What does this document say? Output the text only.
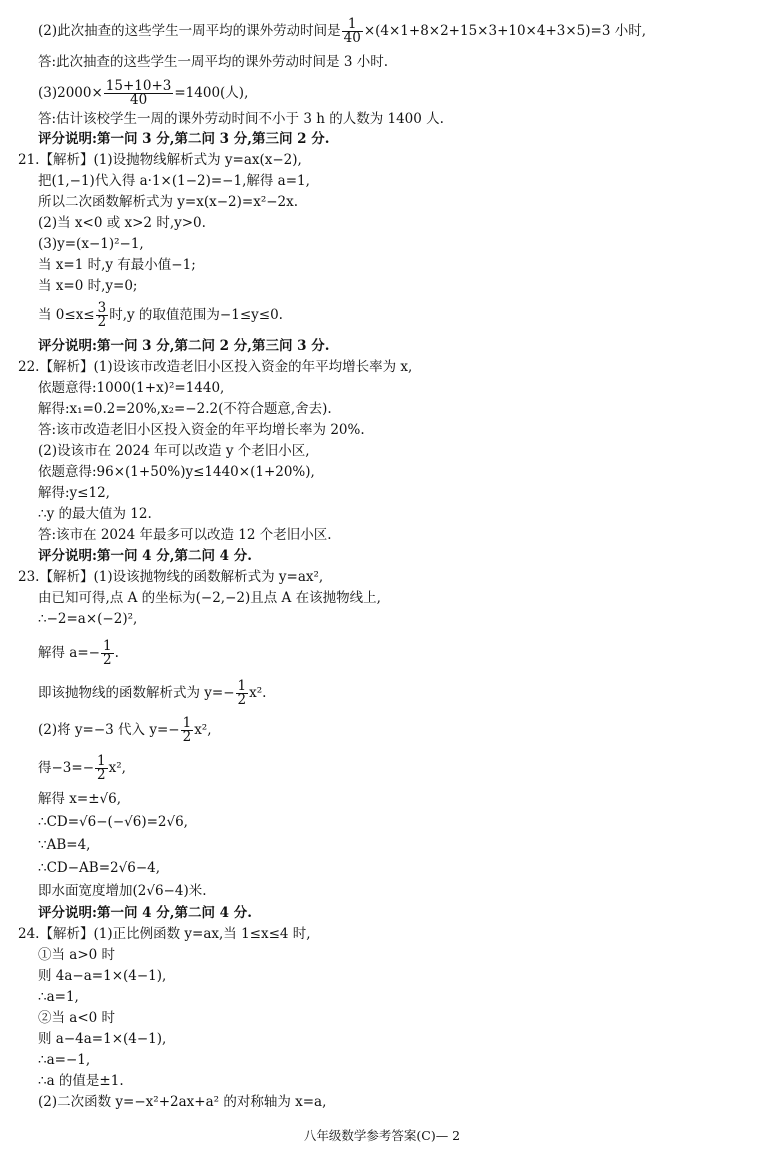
(2)此次抽查的这些学生一周平均的课外劳动时间是 $\frac{1}{40} \times(4\times 1+8\times 2+15\times 3+10\times 4+3\times 5)=3$ 小时,
答:此次抽查的这些学生一周平均的课外劳动时间是 3 小时.
$(3)2000\times \frac{15+10+3}{40} =1400$(人),
答:估计该校学生一周的课外劳动时间不小于 3 h 的人数为 1400 人.
评分说明:第一问 3 分,第二问 3 分,第三问 2 分.
21.【解析】(1)设抛物线解析式为 y=ax(x−2),
把(1,−1)代入得 a·1×(1−2)=−1,解得 a=1,
所以二次函数解析式为 y=x(x−2)=x²−2x.
(2)当 x<0 或 x>2 时,y>0.
(3)y=(x−1)²−1,
当 x=1 时,y 有最小值−1;
当 x=0 时,y=0;
当 $0\le x\le \frac{3}{2}$ 时,y 的取值范围为−1≤y≤0.
评分说明:第一问 3 分,第二问 2 分,第三问 3 分.
22.【解析】(1)设该市改造老旧小区投入资金的年平均增长率为 x,
依题意得:1000(1+x)²=1440,
解得:x₁=0.2=20%,x₂=−2.2(不符合题意,舍去).
答:该市改造老旧小区投入资金的年平均增长率为 20%.
(2)设该市在 2024 年可以改造 y 个老旧小区,
依题意得:96×(1+50%)y≤1440×(1+20%),
解得:y≤12,
∴y 的最大值为 12.
答:该市在 2024 年最多可以改造 12 个老旧小区.
评分说明:第一问 4 分,第二问 4 分.
23.【解析】(1)设该抛物线的函数解析式为 y=ax²,
由已知可得,点 A 的坐标为(−2,−2)且点 A 在该抛物线上,
∴−2=a×(−2)²,
解得 $a=- \frac{1}{2}$ .
即该抛物线的函数解析式为 $y=- \frac{1}{2} x^2$.
(2)将 y=−3 代入 $y=- \frac{1}{2} x^2$,
得$-3=- \frac{1}{2} x^2$,
解得 x=±√6,
∴CD=√6−(−√6)=2√6,
∵AB=4,
∴CD−AB=2√6−4,
即水面宽度增加(2√6−4)米.
评分说明:第一问 4 分,第二问 4 分.
24.【解析】(1)正比例函数 y=ax,当 1≤x≤4 时,
①当 a>0 时
则 4a−a=1×(4−1),
∴a=1,
②当 a<0 时
则 a−4a=1×(4−1),
∴a=−1,
∴a 的值是±1.
(2)二次函数 y=−x²+2ax+a² 的对称轴为 x=a,
八年级数学参考答案(C)— 2
